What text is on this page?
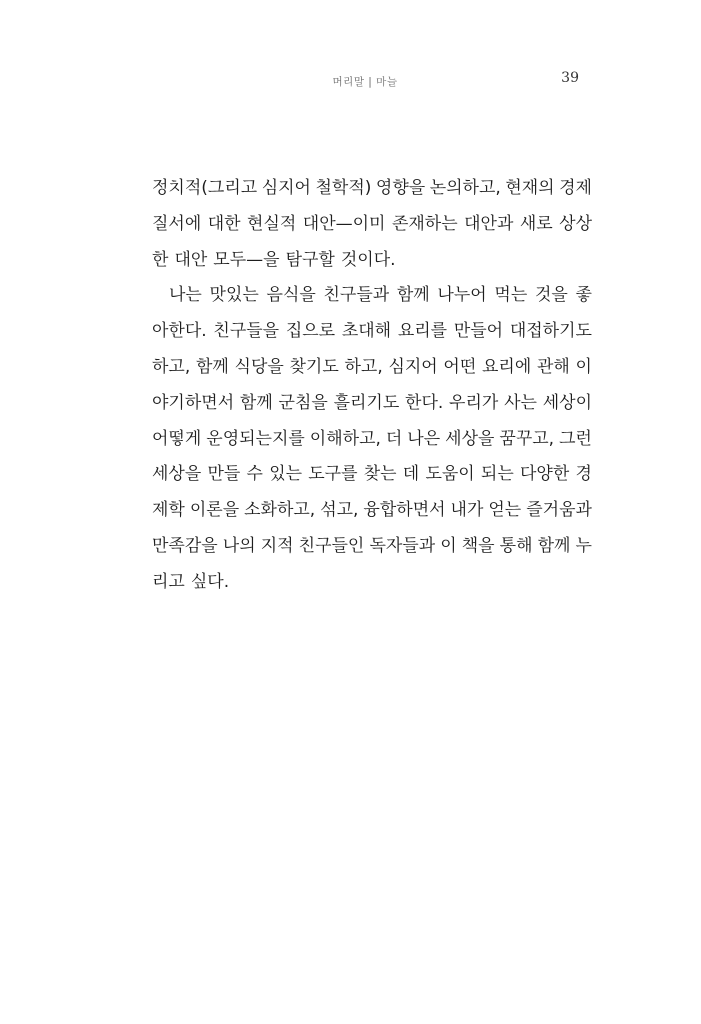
머리말 | 마늘	39
정치적(그리고 심지어 철학적) 영향을 논의하고, 현재의 경제
질서에 대한 현실적 대안—이미 존재하는 대안과 새로 상상
한 대안 모두—을 탐구할 것이다.
나는 맛있는 음식을 친구들과 함께 나누어 먹는 것을 좋
아한다. 친구들을 집으로 초대해 요리를 만들어 대접하기도
하고, 함께 식당을 찾기도 하고, 심지어 어떤 요리에 관해 이
야기하면서 함께 군침을 흘리기도 한다. 우리가 사는 세상이
어떻게 운영되는지를 이해하고, 더 나은 세상을 꿈꾸고, 그런
세상을 만들 수 있는 도구를 찾는 데 도움이 되는 다양한 경
제학 이론을 소화하고, 섞고, 융합하면서 내가 얻는 즐거움과
만족감을 나의 지적 친구들인 독자들과 이 책을 통해 함께 누
리고 싶다.
